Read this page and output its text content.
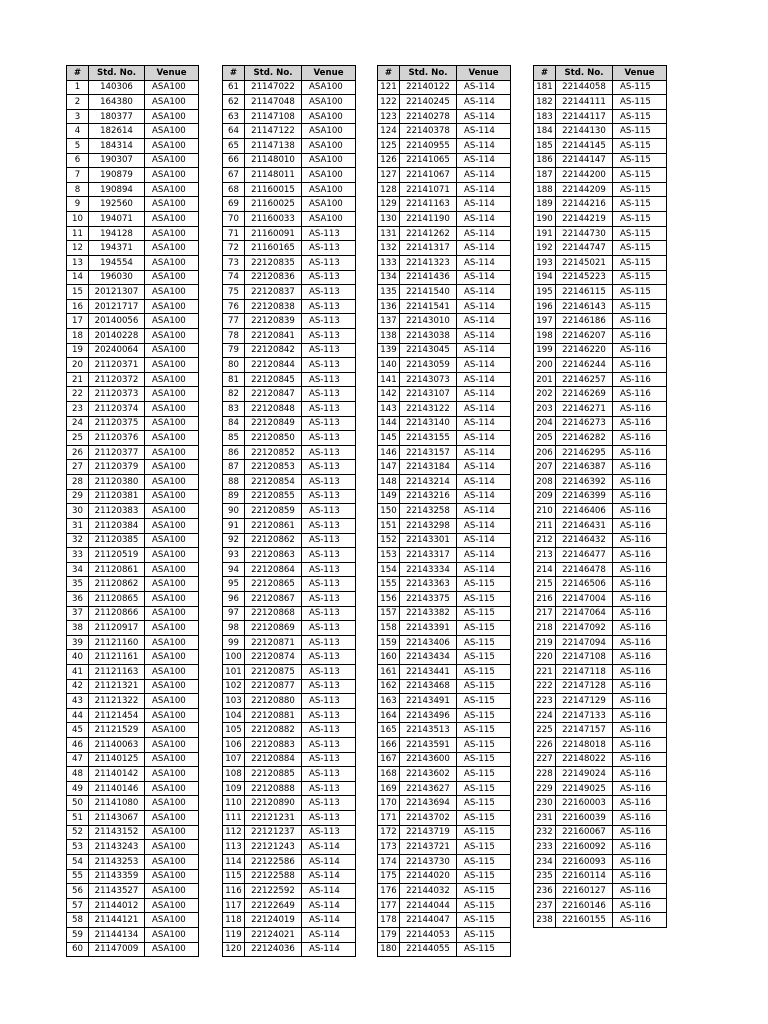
#	Std. No.	Venue
1	140306	ASA100
2	164380	ASA100
3	180377	ASA100
4	182614	ASA100
5	184314	ASA100
6	190307	ASA100
7	190879	ASA100
8	190894	ASA100
9	192560	ASA100
10	194071	ASA100
11	194128	ASA100
12	194371	ASA100
13	194554	ASA100
14	196030	ASA100
15	20121307	ASA100
16	20121717	ASA100
17	20140056	ASA100
18	20140228	ASA100
19	20240064	ASA100
20	21120371	ASA100
21	21120372	ASA100
22	21120373	ASA100
23	21120374	ASA100
24	21120375	ASA100
25	21120376	ASA100
26	21120377	ASA100
27	21120379	ASA100
28	21120380	ASA100
29	21120381	ASA100
30	21120383	ASA100
31	21120384	ASA100
32	21120385	ASA100
33	21120519	ASA100
34	21120861	ASA100
35	21120862	ASA100
36	21120865	ASA100
37	21120866	ASA100
38	21120917	ASA100
39	21121160	ASA100
40	21121161	ASA100
41	21121163	ASA100
42	21121321	ASA100
43	21121322	ASA100
44	21121454	ASA100
45	21121529	ASA100
46	21140063	ASA100
47	21140125	ASA100
48	21140142	ASA100
49	21140146	ASA100
50	21141080	ASA100
51	21143067	ASA100
52	21143152	ASA100
53	21143243	ASA100
54	21143253	ASA100
55	21143359	ASA100
56	21143527	ASA100
57	21144012	ASA100
58	21144121	ASA100
59	21144134	ASA100
60	21147009	ASA100
#	Std. No.	Venue
61	21147022	ASA100
62	21147048	ASA100
63	21147108	ASA100
64	21147122	ASA100
65	21147138	ASA100
66	21148010	ASA100
67	21148011	ASA100
68	21160015	ASA100
69	21160025	ASA100
70	21160033	ASA100
71	21160091	AS-113
72	21160165	AS-113
73	22120835	AS-113
74	22120836	AS-113
75	22120837	AS-113
76	22120838	AS-113
77	22120839	AS-113
78	22120841	AS-113
79	22120842	AS-113
80	22120844	AS-113
81	22120845	AS-113
82	22120847	AS-113
83	22120848	AS-113
84	22120849	AS-113
85	22120850	AS-113
86	22120852	AS-113
87	22120853	AS-113
88	22120854	AS-113
89	22120855	AS-113
90	22120859	AS-113
91	22120861	AS-113
92	22120862	AS-113
93	22120863	AS-113
94	22120864	AS-113
95	22120865	AS-113
96	22120867	AS-113
97	22120868	AS-113
98	22120869	AS-113
99	22120871	AS-113
100	22120874	AS-113
101	22120875	AS-113
102	22120877	AS-113
103	22120880	AS-113
104	22120881	AS-113
105	22120882	AS-113
106	22120883	AS-113
107	22120884	AS-113
108	22120885	AS-113
109	22120888	AS-113
110	22120890	AS-113
111	22121231	AS-113
112	22121237	AS-113
113	22121243	AS-114
114	22122586	AS-114
115	22122588	AS-114
116	22122592	AS-114
117	22122649	AS-114
118	22124019	AS-114
119	22124021	AS-114
120	22124036	AS-114
#	Std. No.	Venue
121	22140122	AS-114
122	22140245	AS-114
123	22140278	AS-114
124	22140378	AS-114
125	22140955	AS-114
126	22141065	AS-114
127	22141067	AS-114
128	22141071	AS-114
129	22141163	AS-114
130	22141190	AS-114
131	22141262	AS-114
132	22141317	AS-114
133	22141323	AS-114
134	22141436	AS-114
135	22141540	AS-114
136	22141541	AS-114
137	22143010	AS-114
138	22143038	AS-114
139	22143045	AS-114
140	22143059	AS-114
141	22143073	AS-114
142	22143107	AS-114
143	22143122	AS-114
144	22143140	AS-114
145	22143155	AS-114
146	22143157	AS-114
147	22143184	AS-114
148	22143214	AS-114
149	22143216	AS-114
150	22143258	AS-114
151	22143298	AS-114
152	22143301	AS-114
153	22143317	AS-114
154	22143334	AS-114
155	22143363	AS-115
156	22143375	AS-115
157	22143382	AS-115
158	22143391	AS-115
159	22143406	AS-115
160	22143434	AS-115
161	22143441	AS-115
162	22143468	AS-115
163	22143491	AS-115
164	22143496	AS-115
165	22143513	AS-115
166	22143591	AS-115
167	22143600	AS-115
168	22143602	AS-115
169	22143627	AS-115
170	22143694	AS-115
171	22143702	AS-115
172	22143719	AS-115
173	22143721	AS-115
174	22143730	AS-115
175	22144020	AS-115
176	22144032	AS-115
177	22144044	AS-115
178	22144047	AS-115
179	22144053	AS-115
180	22144055	AS-115
#	Std. No.	Venue
181	22144058	AS-115
182	22144111	AS-115
183	22144117	AS-115
184	22144130	AS-115
185	22144145	AS-115
186	22144147	AS-115
187	22144200	AS-115
188	22144209	AS-115
189	22144216	AS-115
190	22144219	AS-115
191	22144730	AS-115
192	22144747	AS-115
193	22145021	AS-115
194	22145223	AS-115
195	22146115	AS-115
196	22146143	AS-115
197	22146186	AS-116
198	22146207	AS-116
199	22146220	AS-116
200	22146244	AS-116
201	22146257	AS-116
202	22146269	AS-116
203	22146271	AS-116
204	22146273	AS-116
205	22146282	AS-116
206	22146295	AS-116
207	22146387	AS-116
208	22146392	AS-116
209	22146399	AS-116
210	22146406	AS-116
211	22146431	AS-116
212	22146432	AS-116
213	22146477	AS-116
214	22146478	AS-116
215	22146506	AS-116
216	22147004	AS-116
217	22147064	AS-116
218	22147092	AS-116
219	22147094	AS-116
220	22147108	AS-116
221	22147118	AS-116
222	22147128	AS-116
223	22147129	AS-116
224	22147133	AS-116
225	22147157	AS-116
226	22148018	AS-116
227	22148022	AS-116
228	22149024	AS-116
229	22149025	AS-116
230	22160003	AS-116
231	22160039	AS-116
232	22160067	AS-116
233	22160092	AS-116
234	22160093	AS-116
235	22160114	AS-116
236	22160127	AS-116
237	22160146	AS-116
238	22160155	AS-116
